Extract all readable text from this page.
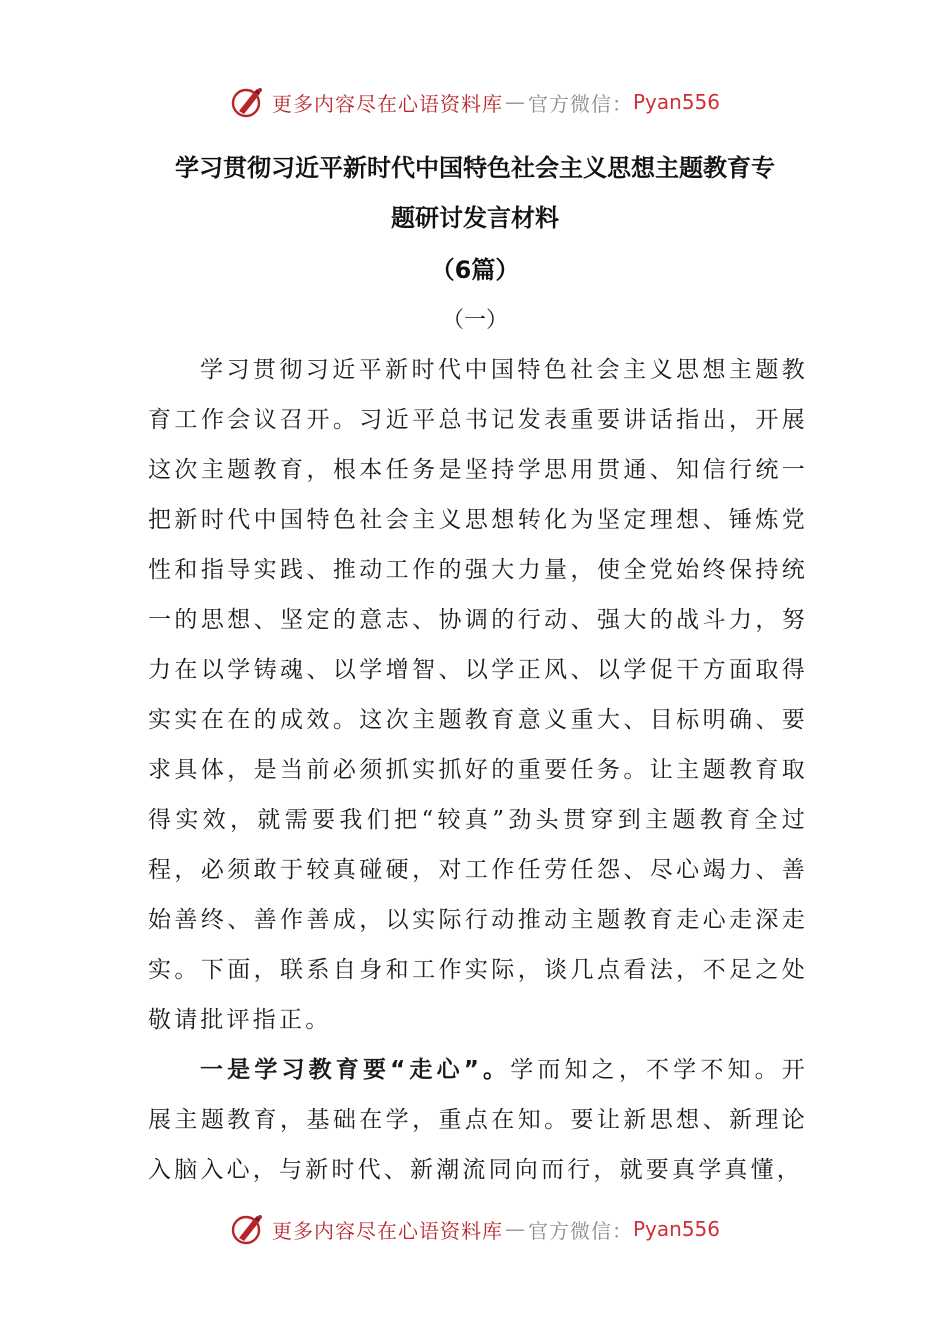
更多内容尽在心语资料库 — 官方微信： Pyan556
学习贯彻习近平新时代中国特色社会主义思想主题教育专
题研讨发言材料
（6篇）
（一）

学习贯彻习近平新时代中国特色社会主义思想主题教育工作会议召开。习近平总书记发表重要讲话指出，开展这次主题教育，根本任务是坚持学思用贯通、知信行统一把新时代中国特色社会主义思想转化为坚定理想、锤炼党性和指导实践、推动工作的强大力量，使全党始终保持统一的思想、坚定的意志、协调的行动、强大的战斗力，努力在以学铸魂、以学增智、以学正风、以学促干方面取得实实在在的成效。这次主题教育意义重大、目标明确、要求具体，是当前必须抓实抓好的重要任务。让主题教育取得实效，就需要我们把“较真”劲头贯穿到主题教育全过程，必须敢于较真碰硬，对工作任劳任怨、尽心竭力、善始善终、善作善成，以实际行动推动主题教育走心走深走实。下面，联系自身和工作实际，谈几点看法，不足之处敬请批评指正。

一是学习教育要“走心”。学而知之，不学不知。开展主题教育，基础在学，重点在知。要让新思想、新理论入脑入心，与新时代、新潮流同向而行，就要真学真懂，

更多内容尽在心语资料库 — 官方微信： Pyan556
